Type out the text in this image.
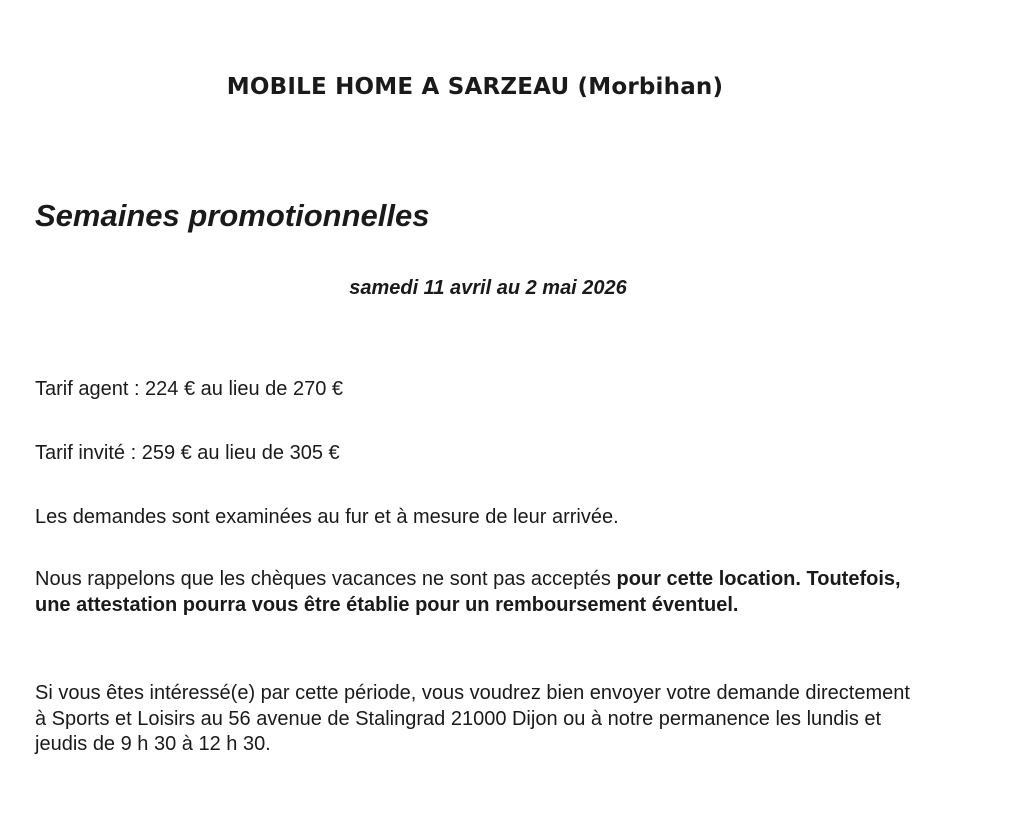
MOBILE HOME A SARZEAU (Morbihan)
Semaines promotionnelles

samedi 11 avril au 2 mai 2026

Tarif agent : 224 € au lieu de 270 €

Tarif invité : 259 € au lieu de 305 €

Les demandes sont examinées au fur et à mesure de leur arrivée.

Nous rappelons que les chèques vacances ne sont pas acceptés pour cette location. Toutefois, une attestation pourra vous être établie pour un remboursement éventuel.

Si vous êtes intéressé(e) par cette période, vous voudrez bien envoyer votre demande directement à Sports et Loisirs au 56 avenue de Stalingrad 21000 Dijon ou à notre permanence les lundis et jeudis de 9 h 30 à 12 h 30.
